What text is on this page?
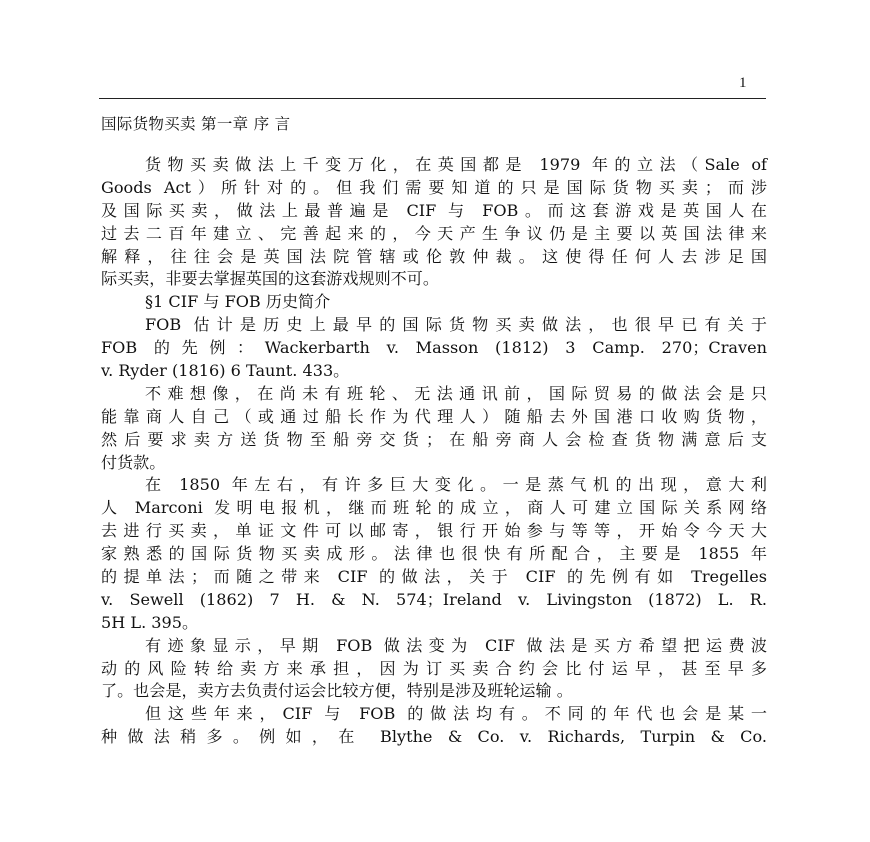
1
国际货物买卖 第一章 序 言
货物买卖做法上千变万化，在英国都是 1979 年的立法（Sale of
Goods Act）所针对的。但我们需要知道的只是国际货物买卖；而涉
及国际买卖，做法上最普遍是 CIF 与 FOB。而这套游戏是英国人在
过去二百年建立、完善起来的，今天产生争议仍是主要以英国法律来
解释，往往会是英国法院管辖或伦敦仲裁。这使得任何人去涉足国
际买卖，非要去掌握英国的这套游戏规则不可。
§1 CIF 与 FOB 历史简介
FOB 估计是历史上最早的国际货物买卖做法，也很早已有关于
FOB 的先例：Wackerbarth v. Masson (1812) 3 Camp. 270；Craven
v. Ryder (1816) 6 Taunt. 433。
不难想像，在尚未有班轮、无法通讯前，国际贸易的做法会是只
能靠商人自己（或通过船长作为代理人）随船去外国港口收购货物，
然后要求卖方送货物至船旁交货；在船旁商人会检查货物满意后支
付货款。
在 1850 年左右，有许多巨大变化。一是蒸气机的出现，意大利
人 Marconi 发明电报机，继而班轮的成立，商人可建立国际关系网络
去进行买卖，单证文件可以邮寄，银行开始参与等等，开始令今天大
家熟悉的国际货物买卖成形。法律也很快有所配合，主要是 1855 年
的提单法；而随之带来 CIF 的做法，关于 CIF 的先例有如 Tregelles
v. Sewell (1862) 7 H. & N. 574；Ireland v. Livingston (1872) L. R.
5H L. 395。
有迹象显示，早期 FOB 做法变为 CIF 做法是买方希望把运费波
动的风险转给卖方来承担，因为订买卖合约会比付运早，甚至早多
了。也会是，卖方去负责付运会比较方便，特别是涉及班轮运输 。
但这些年来，CIF 与 FOB 的做法均有。不同的年代也会是某一
种做法稍多。例如，在 Blythe & Co. v. Richards, Turpin & Co.
